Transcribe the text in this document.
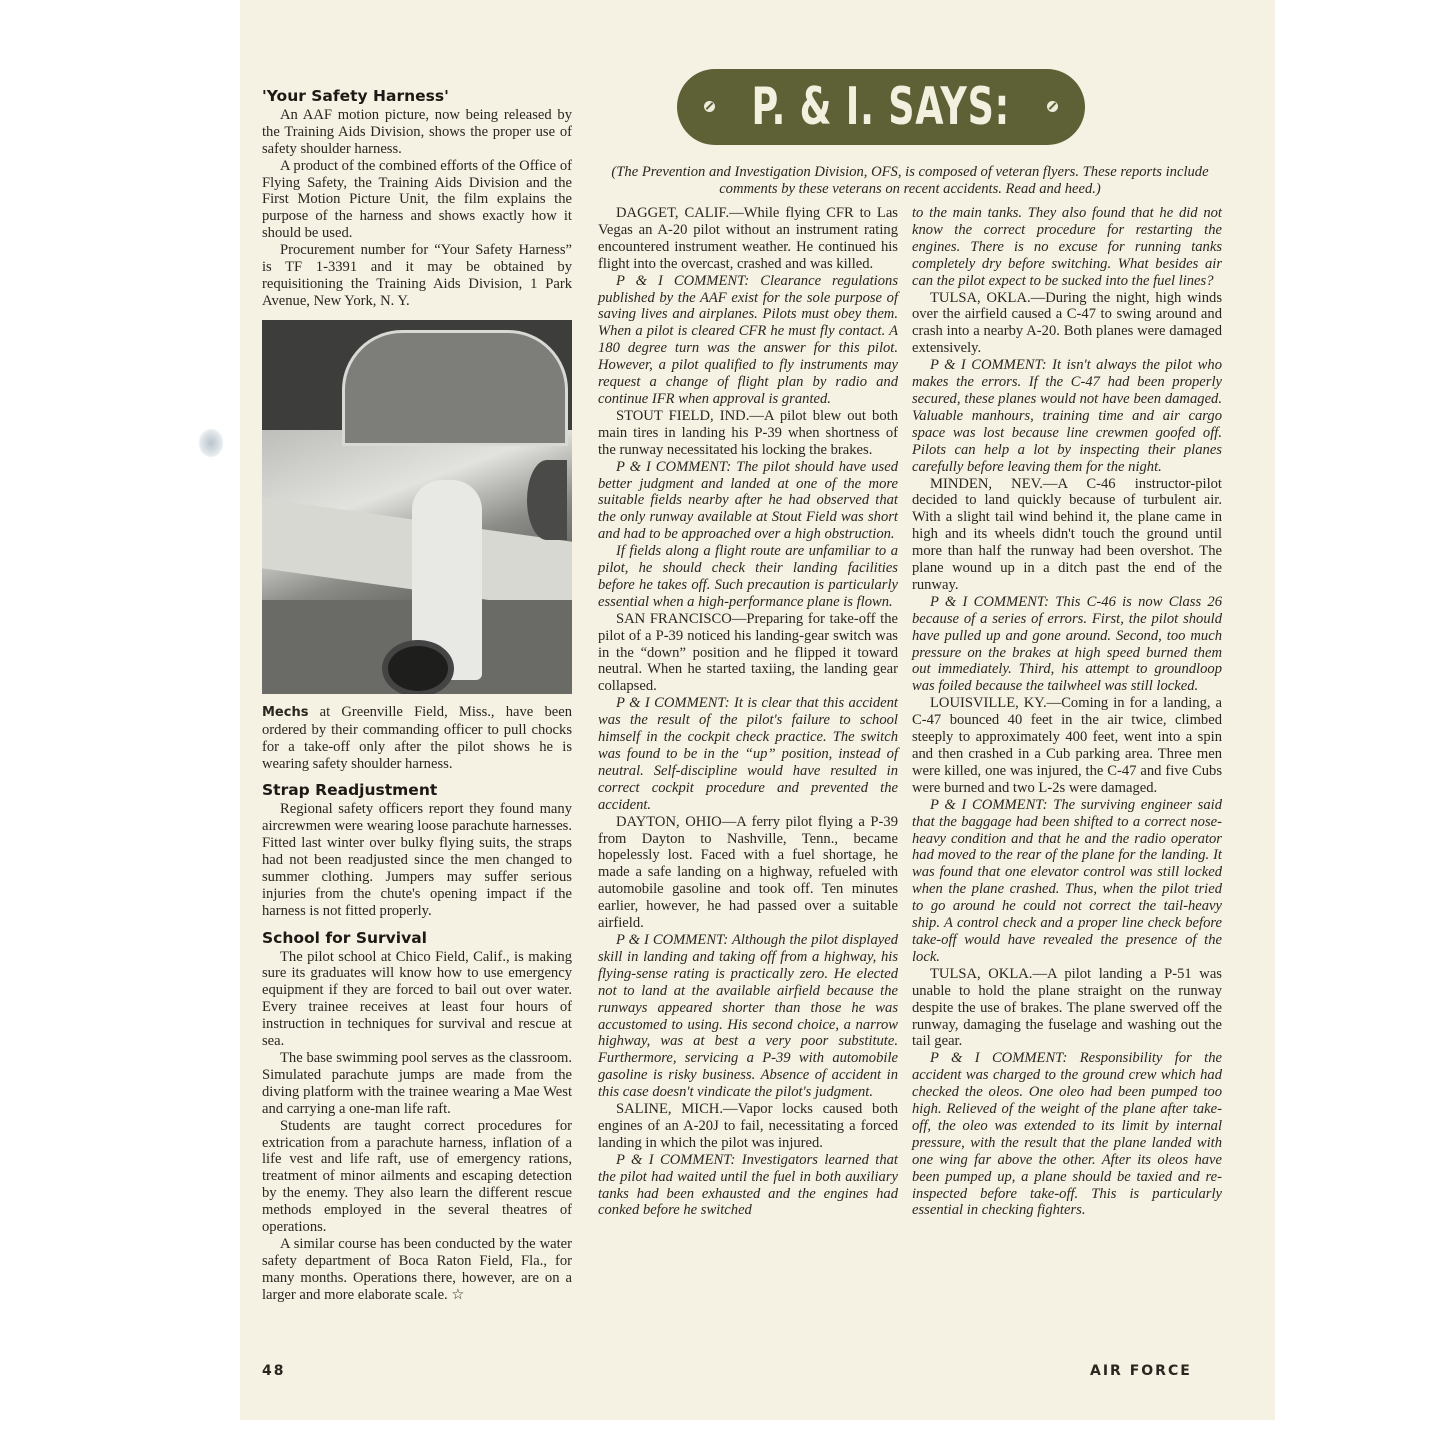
'Your Safety Harness'

An AAF motion picture, now being released by the Training Aids Division, shows the proper use of safety shoulder harness.

A product of the combined efforts of the Office of Flying Safety, the Training Aids Division and the First Motion Picture Unit, the film explains the purpose of the harness and shows exactly how it should be used.

Procurement number for “Your Safety Harness” is TF 1-3391 and it may be obtained by requisitioning the Training Aids Division, 1 Park Avenue, New York, N. Y.

Mechs at Greenville Field, Miss., have been ordered by their commanding officer to pull chocks for a take-off only after the pilot shows he is wearing safety shoulder harness.

Strap Readjustment

Regional safety officers report they found many aircrewmen were wearing loose parachute harnesses. Fitted last winter over bulky flying suits, the straps had not been readjusted since the men changed to summer clothing. Jumpers may suffer serious injuries from the chute's opening impact if the harness is not fitted properly.

School for Survival

The pilot school at Chico Field, Calif., is making sure its graduates will know how to use emergency equipment if they are forced to bail out over water. Every trainee receives at least four hours of instruction in techniques for survival and rescue at sea.

The base swimming pool serves as the classroom. Simulated parachute jumps are made from the diving platform with the trainee wearing a Mae West and carrying a one-man life raft.

Students are taught correct procedures for extrication from a parachute harness, inflation of a life vest and life raft, use of emergency rations, treatment of minor ailments and escaping detection by the enemy. They also learn the different rescue methods employed in the several theatres of operations.

A similar course has been conducted by the water safety department of Boca Raton Field, Fla., for many months. Operations there, however, are on a larger and more elaborate scale. ☆

P. & I. SAYS:
(The Prevention and Investigation Division, OFS, is composed of veteran flyers. These reports include comments by these veterans on recent accidents. Read and heed.)

DAGGET, CALIF.—While flying CFR to Las Vegas an A-20 pilot without an instrument rating encountered instrument weather. He continued his flight into the overcast, crashed and was killed.

P & I COMMENT: Clearance regulations published by the AAF exist for the sole purpose of saving lives and airplanes. Pilots must obey them. When a pilot is cleared CFR he must fly contact. A 180 degree turn was the answer for this pilot. However, a pilot qualified to fly instruments may request a change of flight plan by radio and continue IFR when approval is granted.

STOUT FIELD, IND.—A pilot blew out both main tires in landing his P-39 when shortness of the runway necessitated his locking the brakes.

P & I COMMENT: The pilot should have used better judgment and landed at one of the more suitable fields nearby after he had observed that the only runway available at Stout Field was short and had to be approached over a high obstruction.

If fields along a flight route are unfamiliar to a pilot, he should check their landing facilities before he takes off. Such precaution is particularly essential when a high-performance plane is flown.

SAN FRANCISCO—Preparing for take-off the pilot of a P-39 noticed his landing-gear switch was in the “down” position and he flipped it toward neutral. When he started taxiing, the landing gear collapsed.

P & I COMMENT: It is clear that this accident was the result of the pilot's failure to school himself in the cockpit check practice. The switch was found to be in the “up” position, instead of neutral. Self-discipline would have resulted in correct cockpit procedure and prevented the accident.

DAYTON, OHIO—A ferry pilot flying a P-39 from Dayton to Nashville, Tenn., became hopelessly lost. Faced with a fuel shortage, he made a safe landing on a highway, refueled with automobile gasoline and took off. Ten minutes earlier, however, he had passed over a suitable airfield.

P & I COMMENT: Although the pilot displayed skill in landing and taking off from a highway, his flying-sense rating is practically zero. He elected not to land at the available airfield because the runways appeared shorter than those he was accustomed to using. His second choice, a narrow highway, was at best a very poor substitute. Furthermore, servicing a P-39 with automobile gasoline is risky business. Absence of accident in this case doesn't vindicate the pilot's judgment.

SALINE, MICH.—Vapor locks caused both engines of an A-20J to fail, necessitating a forced landing in which the pilot was injured.

P & I COMMENT: Investigators learned that the pilot had waited until the fuel in both auxiliary tanks had been exhausted and the engines had conked before he switched

to the main tanks. They also found that he did not know the correct procedure for restarting the engines. There is no excuse for running tanks completely dry before switching. What besides air can the pilot expect to be sucked into the fuel lines?

TULSA, OKLA.—During the night, high winds over the airfield caused a C-47 to swing around and crash into a nearby A-20. Both planes were damaged extensively.

P & I COMMENT: It isn't always the pilot who makes the errors. If the C-47 had been properly secured, these planes would not have been damaged. Valuable manhours, training time and air cargo space was lost because line crewmen goofed off. Pilots can help a lot by inspecting their planes carefully before leaving them for the night.

MINDEN, NEV.—A C-46 instructor-pilot decided to land quickly because of turbulent air. With a slight tail wind behind it, the plane came in high and its wheels didn't touch the ground until more than half the runway had been overshot. The plane wound up in a ditch past the end of the runway.

P & I COMMENT: This C-46 is now Class 26 because of a series of errors. First, the pilot should have pulled up and gone around. Second, too much pressure on the brakes at high speed burned them out immediately. Third, his attempt to groundloop was foiled because the tailwheel was still locked.

LOUISVILLE, KY.—Coming in for a landing, a C-47 bounced 40 feet in the air twice, climbed steeply to approximately 400 feet, went into a spin and then crashed in a Cub parking area. Three men were killed, one was injured, the C-47 and five Cubs were burned and two L-2s were damaged.

P & I COMMENT: The surviving engineer said that the baggage had been shifted to a correct nose-heavy condition and that he and the radio operator had moved to the rear of the plane for the landing. It was found that one elevator control was still locked when the plane crashed. Thus, when the pilot tried to go around he could not correct the tail-heavy ship. A control check and a proper line check before take-off would have revealed the presence of the lock.

TULSA, OKLA.—A pilot landing a P-51 was unable to hold the plane straight on the runway despite the use of brakes. The plane swerved off the runway, damaging the fuselage and washing out the tail gear.

P & I COMMENT: Responsibility for the accident was charged to the ground crew which had checked the oleos. One oleo had been pumped too high. Relieved of the weight of the plane after take-off, the oleo was extended to its limit by internal pressure, with the result that the plane landed with one wing far above the other. After its oleos have been pumped up, a plane should be taxied and re-inspected before take-off. This is particularly essential in checking fighters.

48	AIR FORCE
